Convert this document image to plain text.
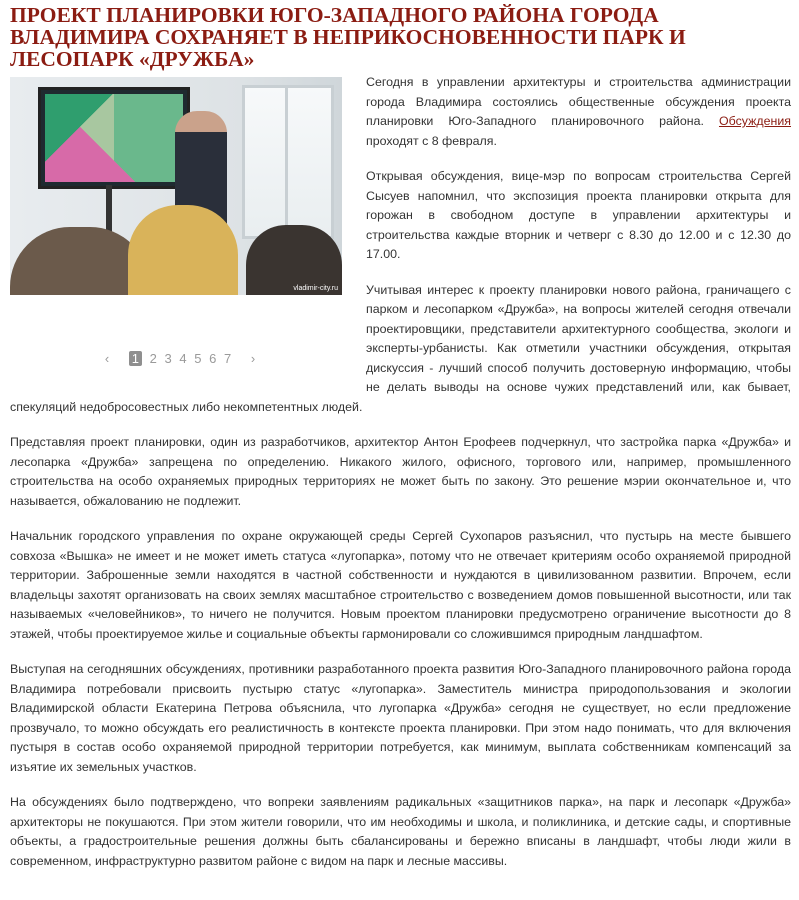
ПРОЕКТ ПЛАНИРОВКИ ЮГО-ЗАПАДНОГО РАЙОНА ГОРОДА ВЛАДИМИРА СОХРАНЯЕТ В НЕПРИКОСНОВЕННОСТИ ПАРК И ЛЕСОПАРК «ДРУЖБА»
vladimir-city.ru
‹ 1 2 3 4 5 6 7 ›

Сегодня в управлении архитектуры и строительства администрации города Владимира состоялись общественные обсуждения проекта планировки Юго-Западного планировочного района. Обсуждения проходят с 8 февраля.

Открывая обсуждения, вице-мэр по вопросам строительства Сергей Сысуев напомнил, что экспозиция проекта планировки открыта для горожан в свободном доступе в управлении архитектуры и строительства каждые вторник и четверг с 8.30 до 12.00 и с 12.30 до 17.00.

Учитывая интерес к проекту планировки нового района, граничащего с парком и лесопарком «Дружба», на вопросы жителей сегодня отвечали проектировщики, представители архитектурного сообщества, экологи и эксперты-урбанисты. Как отметили участники обсуждения, открытая дискуссия - лучший способ получить достоверную информацию, чтобы не делать выводы на основе чужих представлений или, как бывает, спекуляций недобросовестных либо некомпетентных людей.

Представляя проект планировки, один из разработчиков, архитектор Антон Ерофеев подчеркнул, что застройка парка «Дружба» и лесопарка «Дружба» запрещена по определению. Никакого жилого, офисного, торгового или, например, промышленного строительства на особо охраняемых природных территориях не может быть по закону. Это решение мэрии окончательное и, что называется, обжалованию не подлежит.

Начальник городского управления по охране окружающей среды Сергей Сухопаров разъяснил, что пустырь на месте бывшего совхоза «Вышка» не имеет и не может иметь статуса «лугопарка», потому что не отвечает критериям особо охраняемой природной территории. Заброшенные земли находятся в частной собственности и нуждаются в цивилизованном развитии. Впрочем, если владельцы захотят организовать на своих землях масштабное строительство с возведением домов повышенной высотности, или так называемых «человейников», то ничего не получится. Новым проектом планировки предусмотрено ограничение высотности до 8 этажей, чтобы проектируемое жилье и социальные объекты гармонировали со сложившимся природным ландшафтом.

Выступая на сегодняшних обсуждениях, противники разработанного проекта развития Юго-Западного планировочного района города Владимира потребовали присвоить пустырю статус «лугопарка». Заместитель министра природопользования и экологии Владимирской области Екатерина Петрова объяснила, что лугопарка «Дружба» сегодня не существует, но если предложение прозвучало, то можно обсуждать его реалистичность в контексте проекта планировки. При этом надо понимать, что для включения пустыря в состав особо охраняемой природной территории потребуется, как минимум, выплата собственникам компенсаций за изъятие их земельных участков.

На обсуждениях было подтверждено, что вопреки заявлениям радикальных «защитников парка», на парк и лесопарк «Дружба» архитекторы не покушаются. При этом жители говорили, что им необходимы и школа, и поликлиника, и детские сады, и спортивные объекты, а градостроительные решения должны быть сбалансированы и бережно вписаны в ландшафт, чтобы люди жили в современном, инфраструктурно развитом районе с видом на парк и лесные массивы.
